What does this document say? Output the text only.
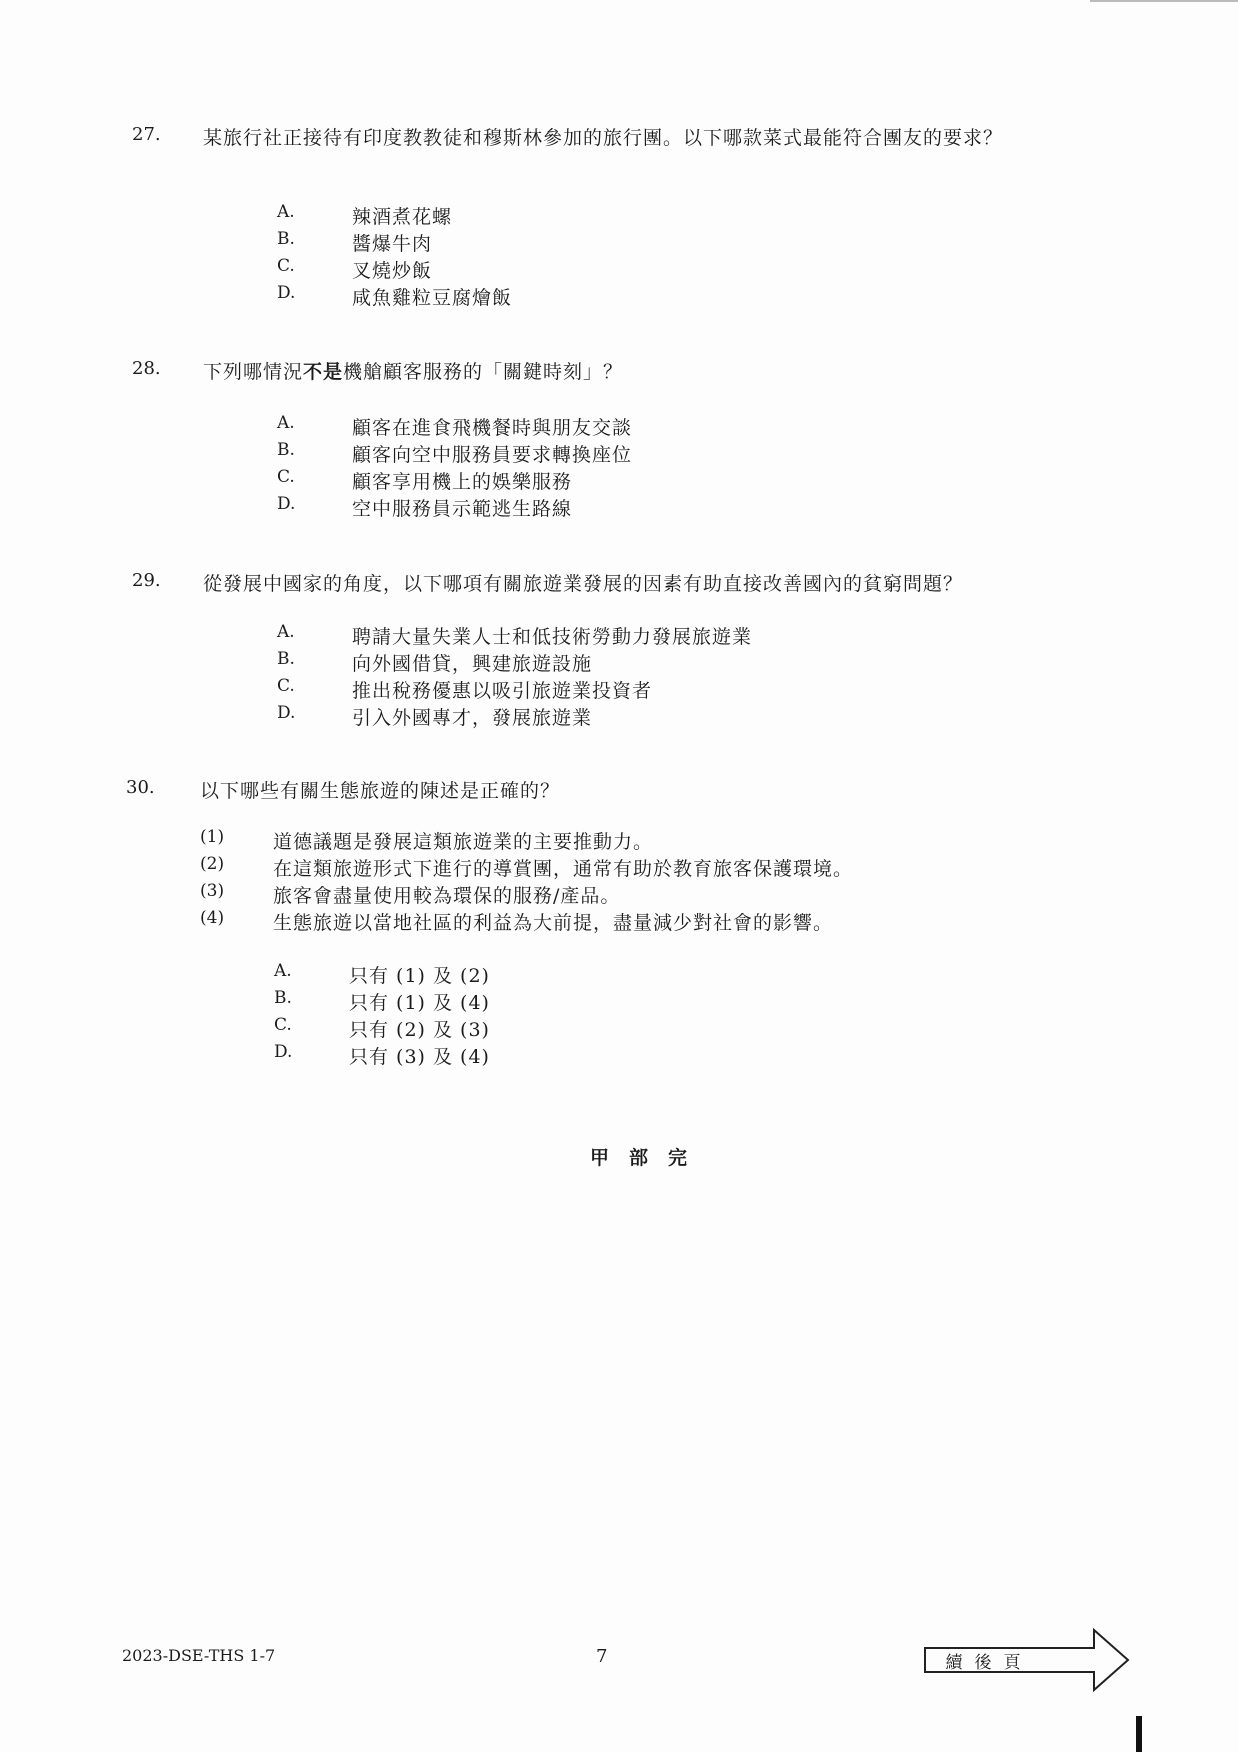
27. 某旅行社正接待有印度教教徒和穆斯林參加的旅行團。以下哪款菜式最能符合團友的要求？
A.	辣酒煮花螺
B.	醬爆牛肉
C.	叉燒炒飯
D.	咸魚雞粒豆腐燴飯
28. 下列哪情況不是機艙顧客服務的「關鍵時刻」？
A.	顧客在進食飛機餐時與朋友交談
B.	顧客向空中服務員要求轉換座位
C.	顧客享用機上的娛樂服務
D.	空中服務員示範逃生路線
29. 從發展中國家的角度，以下哪項有關旅遊業發展的因素有助直接改善國內的貧窮問題？
A.	聘請大量失業人士和低技術勞動力發展旅遊業
B.	向外國借貸，興建旅遊設施
C.	推出稅務優惠以吸引旅遊業投資者
D.	引入外國專才，發展旅遊業
30. 以下哪些有關生態旅遊的陳述是正確的？
(1)	道德議題是發展這類旅遊業的主要推動力。
(2)	在這類旅遊形式下進行的導賞團，通常有助於教育旅客保護環境。
(3)	旅客會盡量使用較為環保的服務/產品。
(4)	生態旅遊以當地社區的利益為大前提，盡量減少對社會的影響。
A.	只有 (1) 及 (2)
B.	只有 (1) 及 (4)
C.	只有 (2) 及 (3)
D.	只有 (3) 及 (4)
甲部完
2023-DSE-THS 1-7	7	續後頁
